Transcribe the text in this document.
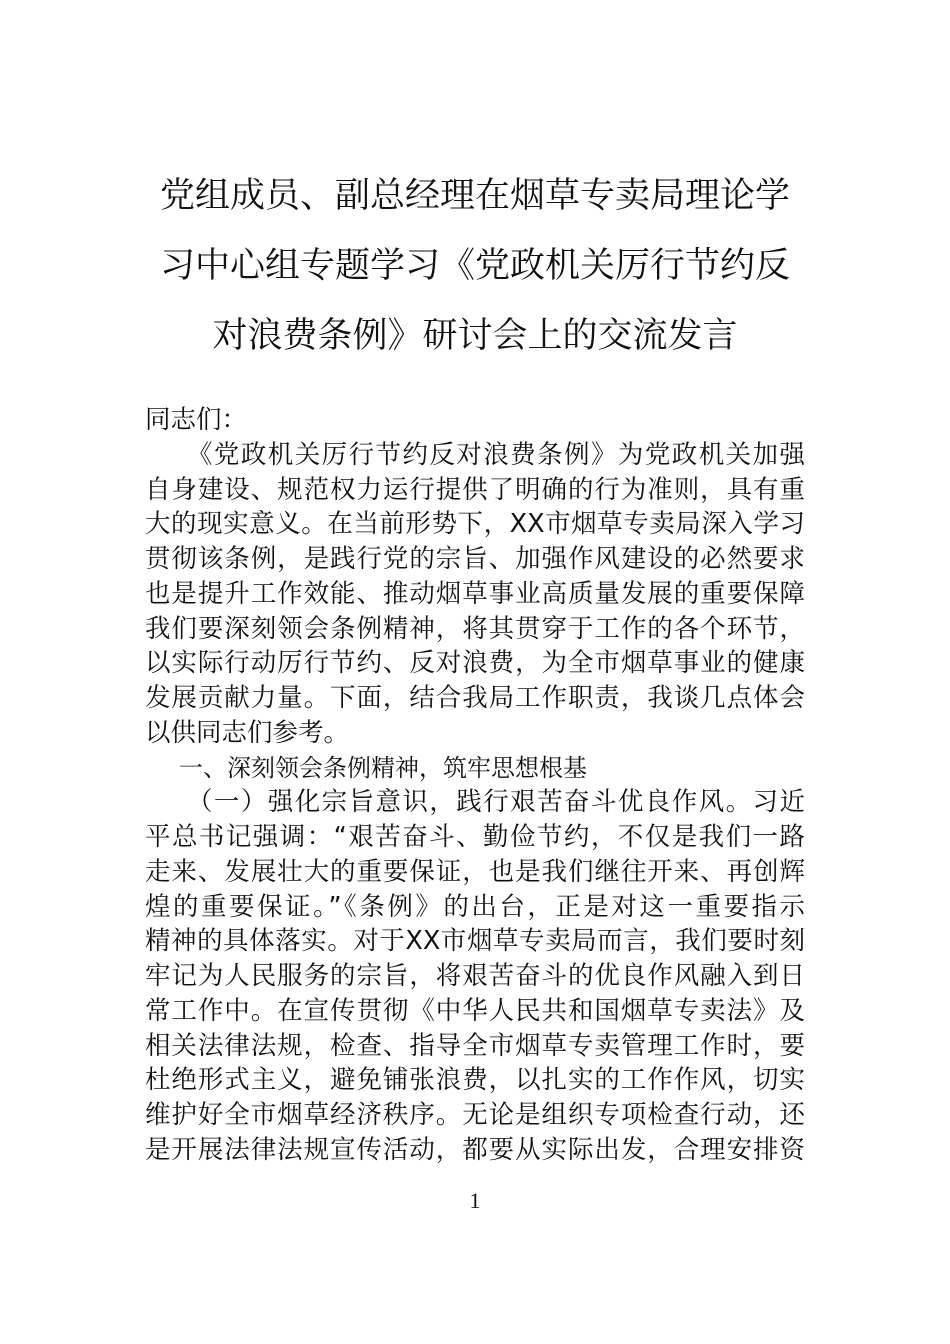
党组成员、副总经理在烟草专卖局理论学
习中心组专题学习《党政机关厉行节约反
对浪费条例》研讨会上的交流发言
同志们：
《党政机关厉行节约反对浪费条例》为党政机关加强
自身建设、规范权力运行提供了明确的行为准则，具有重
大的现实意义。在当前形势下，XX市烟草专卖局深入学习
贯彻该条例，是践行党的宗旨、加强作风建设的必然要求
也是提升工作效能、推动烟草事业高质量发展的重要保障
我们要深刻领会条例精神，将其贯穿于工作的各个环节，
以实际行动厉行节约、反对浪费，为全市烟草事业的健康
发展贡献力量。下面，结合我局工作职责，我谈几点体会
以供同志们参考。
一、深刻领会条例精神，筑牢思想根基
（一）强化宗旨意识，践行艰苦奋斗优良作风。习近
平总书记强调：“艰苦奋斗、勤俭节约，不仅是我们一路
走来、发展壮大的重要保证，也是我们继往开来、再创辉
煌的重要保证。”《条例》的出台，正是对这一重要指示
精神的具体落实。对于XX市烟草专卖局而言，我们要时刻
牢记为人民服务的宗旨，将艰苦奋斗的优良作风融入到日
常工作中。在宣传贯彻《中华人民共和国烟草专卖法》及
相关法律法规，检查、指导全市烟草专卖管理工作时，要
杜绝形式主义，避免铺张浪费，以扎实的工作作风，切实
维护好全市烟草经济秩序。无论是组织专项检查行动，还
是开展法律法规宣传活动，都要从实际出发，合理安排资
1
